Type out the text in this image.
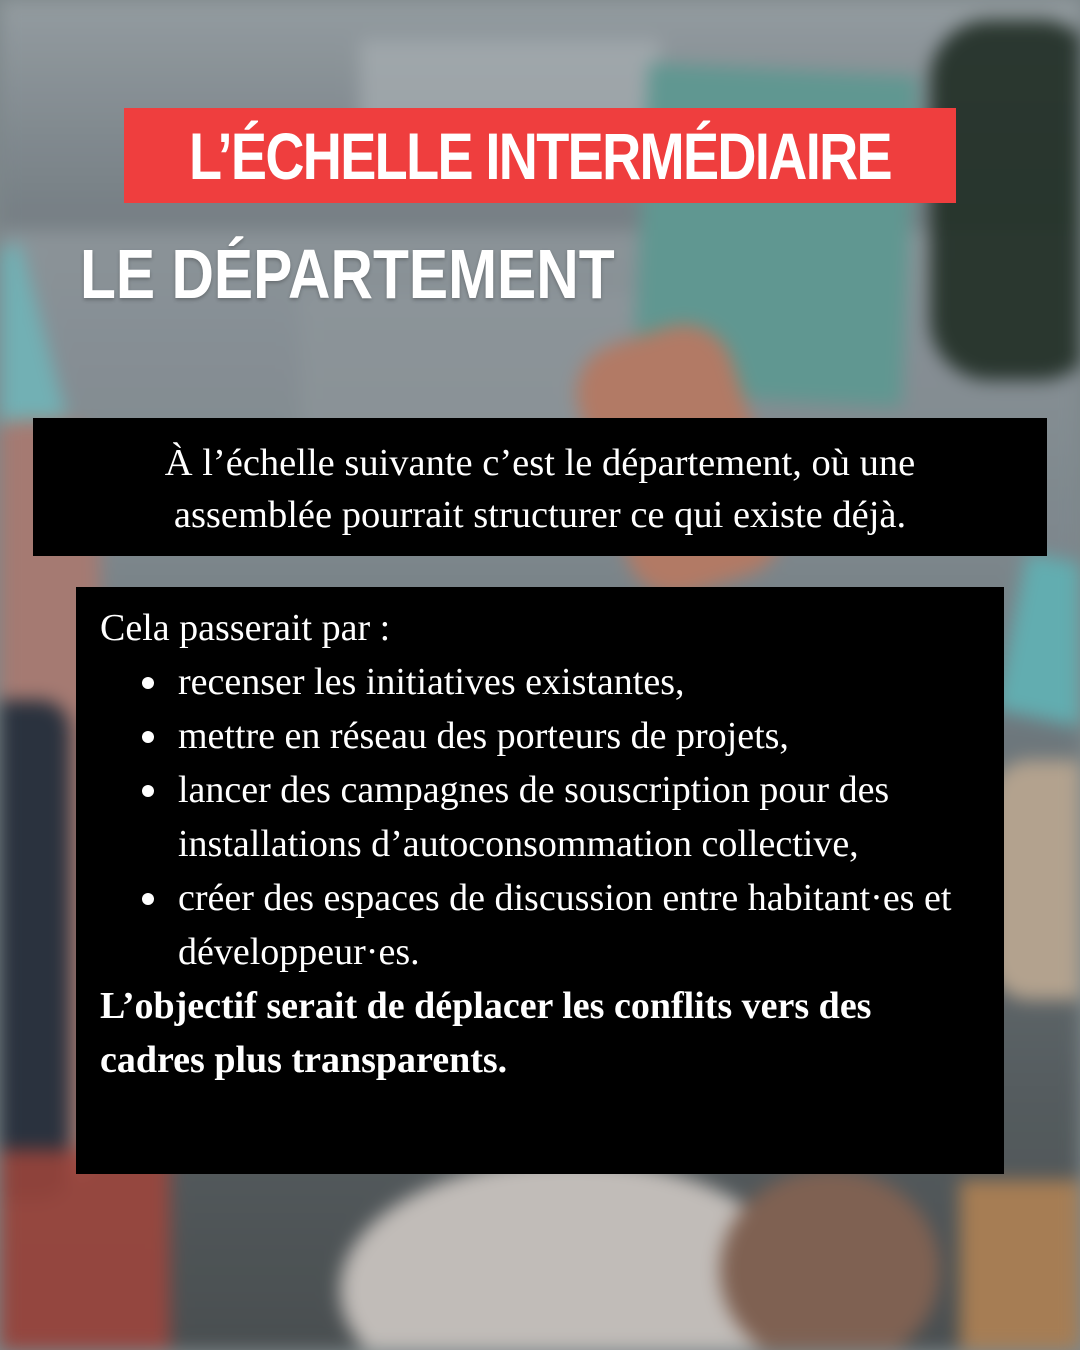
L’ÉCHELLE INTERMÉDIAIRE
LE DÉPARTEMENT

À l’échelle suivante c’est le département, où une

assemblée pourrait structurer ce qui existe déjà.

Cela passerait par :

recenser les initiatives existantes,
mettre en réseau des porteurs de projets,
lancer des campagnes de souscription pour des installations d’autoconsommation collective,
créer des espaces de discussion entre habitant·es et développeur·es.

L’objectif serait de déplacer les conflits vers des cadres plus transparents.
